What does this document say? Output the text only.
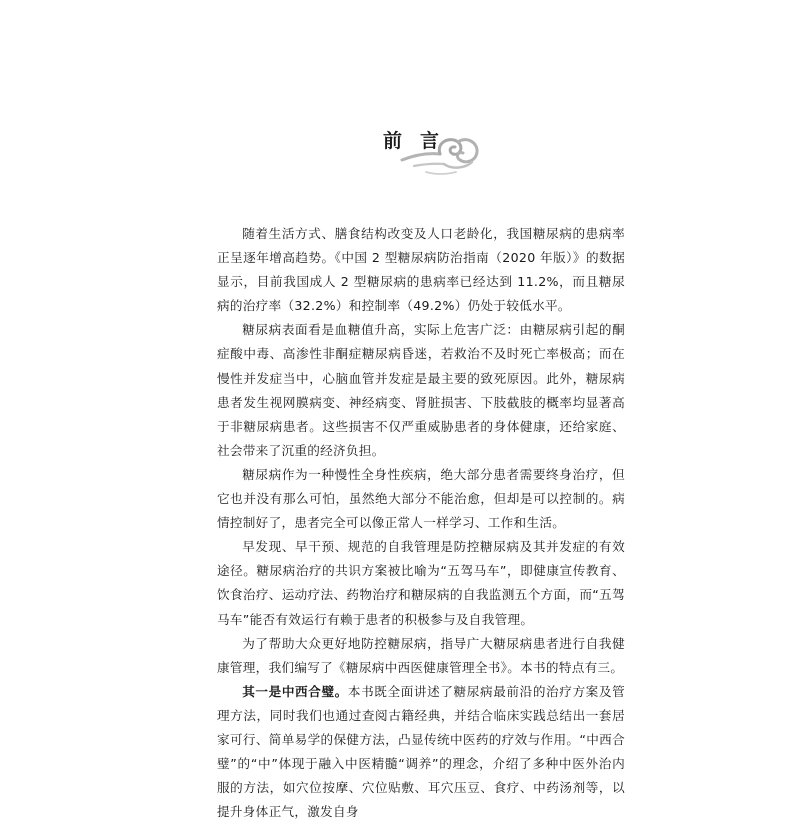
前言

随着生活方式、膳食结构改变及人口老龄化，我国糖尿病的患病率正呈逐年增高趋势。《中国 2 型糖尿病防治指南（2020 年版）》的数据显示，目前我国成人 2 型糖尿病的患病率已经达到 11.2%，而且糖尿病的治疗率（32.2%）和控制率（49.2%）仍处于较低水平。

糖尿病表面看是血糖值升高，实际上危害广泛：由糖尿病引起的酮症酸中毒、高渗性非酮症糖尿病昏迷，若救治不及时死亡率极高；而在慢性并发症当中，心脑血管并发症是最主要的致死原因。此外，糖尿病患者发生视网膜病变、神经病变、肾脏损害、下肢截肢的概率均显著高于非糖尿病患者。这些损害不仅严重威胁患者的身体健康，还给家庭、社会带来了沉重的经济负担。

糖尿病作为一种慢性全身性疾病，绝大部分患者需要终身治疗，但它也并没有那么可怕，虽然绝大部分不能治愈，但却是可以控制的。病情控制好了，患者完全可以像正常人一样学习、工作和生活。

早发现、早干预、规范的自我管理是防控糖尿病及其并发症的有效途径。糖尿病治疗的共识方案被比喻为“五驾马车”，即健康宣传教育、饮食治疗、运动疗法、药物治疗和糖尿病的自我监测五个方面，而“五驾马车”能否有效运行有赖于患者的积极参与及自我管理。

为了帮助大众更好地防控糖尿病，指导广大糖尿病患者进行自我健康管理，我们编写了《糖尿病中西医健康管理全书》。本书的特点有三。

其一是中西合璧。本书既全面讲述了糖尿病最前沿的治疗方案及管理方法，同时我们也通过查阅古籍经典，并结合临床实践总结出一套居家可行、简单易学的保健方法，凸显传统中医药的疗效与作用。“中西合璧”的“中”体现于融入中医精髓“调养”的理念，介绍了多种中医外治内服的方法，如穴位按摩、穴位贴敷、耳穴压豆、食疗、中药汤剂等，以提升身体正气，激发自身
